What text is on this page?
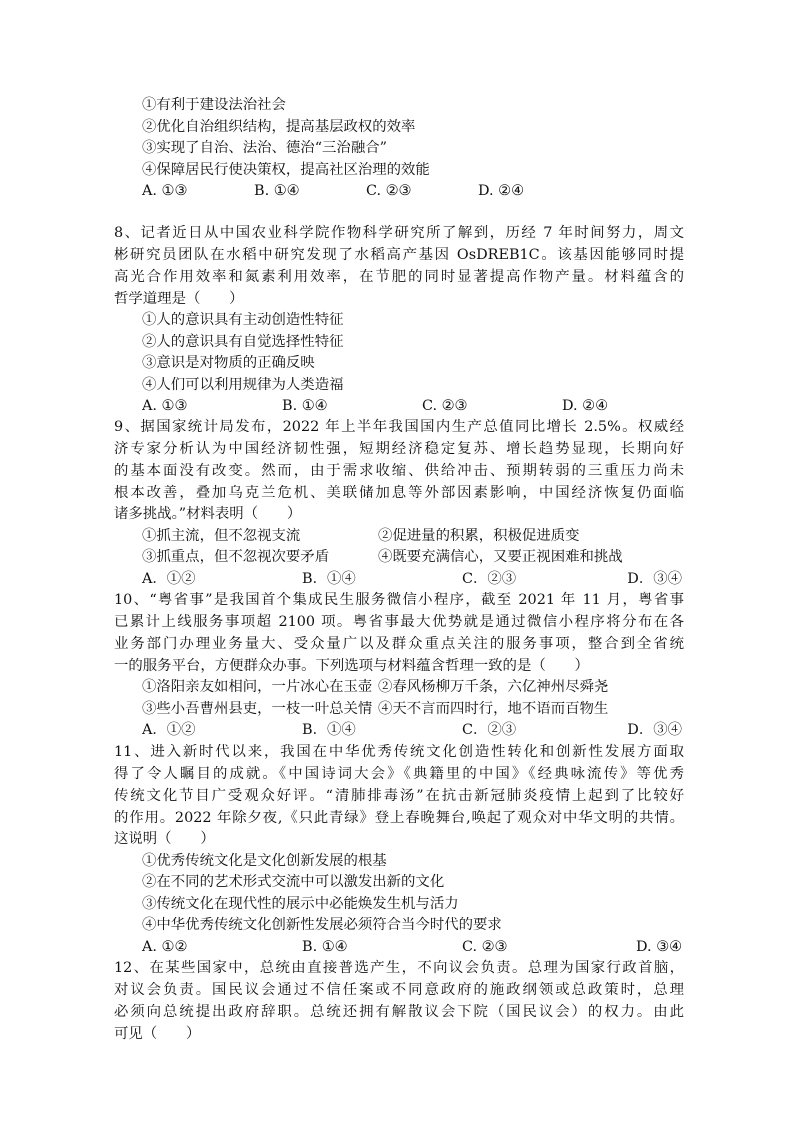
①有利于建设法治社会
②优化自治组织结构，提高基层政权的效率
③实现了自治、法治、德治“三治融合”
④保障居民行使决策权，提高社区治理的效能
A. ①③	B. ①④	C. ②③	D. ②④
8、记者近日从中国农业科学院作物科学研究所了解到，历经 7 年时间努力，周文
彬研究员团队在水稻中研究发现了水稻高产基因 OsDREB1C。该基因能够同时提
高光合作用效率和氮素利用效率，在节肥的同时显著提高作物产量。材料蕴含的
哲学道理是（　　）
①人的意识具有主动创造性特征
②人的意识具有自觉选择性特征
③意识是对物质的正确反映
④人们可以利用规律为人类造福
A. ①③	B. ①④	C. ②③	D. ②④
9、据国家统计局发布，2022 年上半年我国国内生产总值同比增长 2.5%。权威经
济专家分析认为中国经济韧性强，短期经济稳定复苏、增长趋势显现，长期向好
的基本面没有改变。然而，由于需求收缩、供给冲击、预期转弱的三重压力尚未
根本改善，叠加乌克兰危机、美联储加息等外部因素影响，中国经济恢复仍面临
诸多挑战。”材料表明（　　）
①抓主流，但不忽视支流	②促进量的积累，积极促进质变
③抓重点，但不忽视次要矛盾	④既要充满信心，又要正视困难和挑战
A．①②	B．①④	C．②③	D．③④
10、“粤省事”是我国首个集成民生服务微信小程序，截至 2021 年 11 月，粤省事
已累计上线服务事项超 2100 项。粤省事最大优势就是通过微信小程序将分布在各
业务部门办理业务量大、受众量广以及群众重点关注的服务事项，整合到全省统
一的服务平台，方便群众办事。下列选项与材料蕴含哲理一致的是（　　）
①洛阳亲友如相问，一片冰心在玉壶 ②春风杨柳万千条，六亿神州尽舜尧
③些小吾曹州县吏，一枝一叶总关情 ④天不言而四时行，地不语而百物生
A．①②	B．①④	C．②③	D．③④
11、进入新时代以来，我国在中华优秀传统文化创造性转化和创新性发展方面取
得了令人瞩目的成就。《中国诗词大会》《典籍里的中国》《经典咏流传》等优秀
传统文化节目广受观众好评。“清肺排毒汤”在抗击新冠肺炎疫情上起到了比较好
的作用。2022 年除夕夜,《只此青绿》登上春晚舞台,唤起了观众对中华文明的共情。
这说明（　　）
①优秀传统文化是文化创新发展的根基
②在不同的艺术形式交流中可以激发出新的文化
③传统文化在现代性的展示中必能焕发生机与活力
④中华优秀传统文化创新性发展必须符合当今时代的要求
A. ①②	B. ①④	C. ②③	D. ③④
12、在某些国家中，总统由直接普选产生，不向议会负责。总理为国家行政首脑，
对议会负责。国民议会通过不信任案或不同意政府的施政纲领或总政策时，总理
必须向总统提出政府辞职。总统还拥有解散议会下院（国民议会）的权力。由此
可见（　　）
